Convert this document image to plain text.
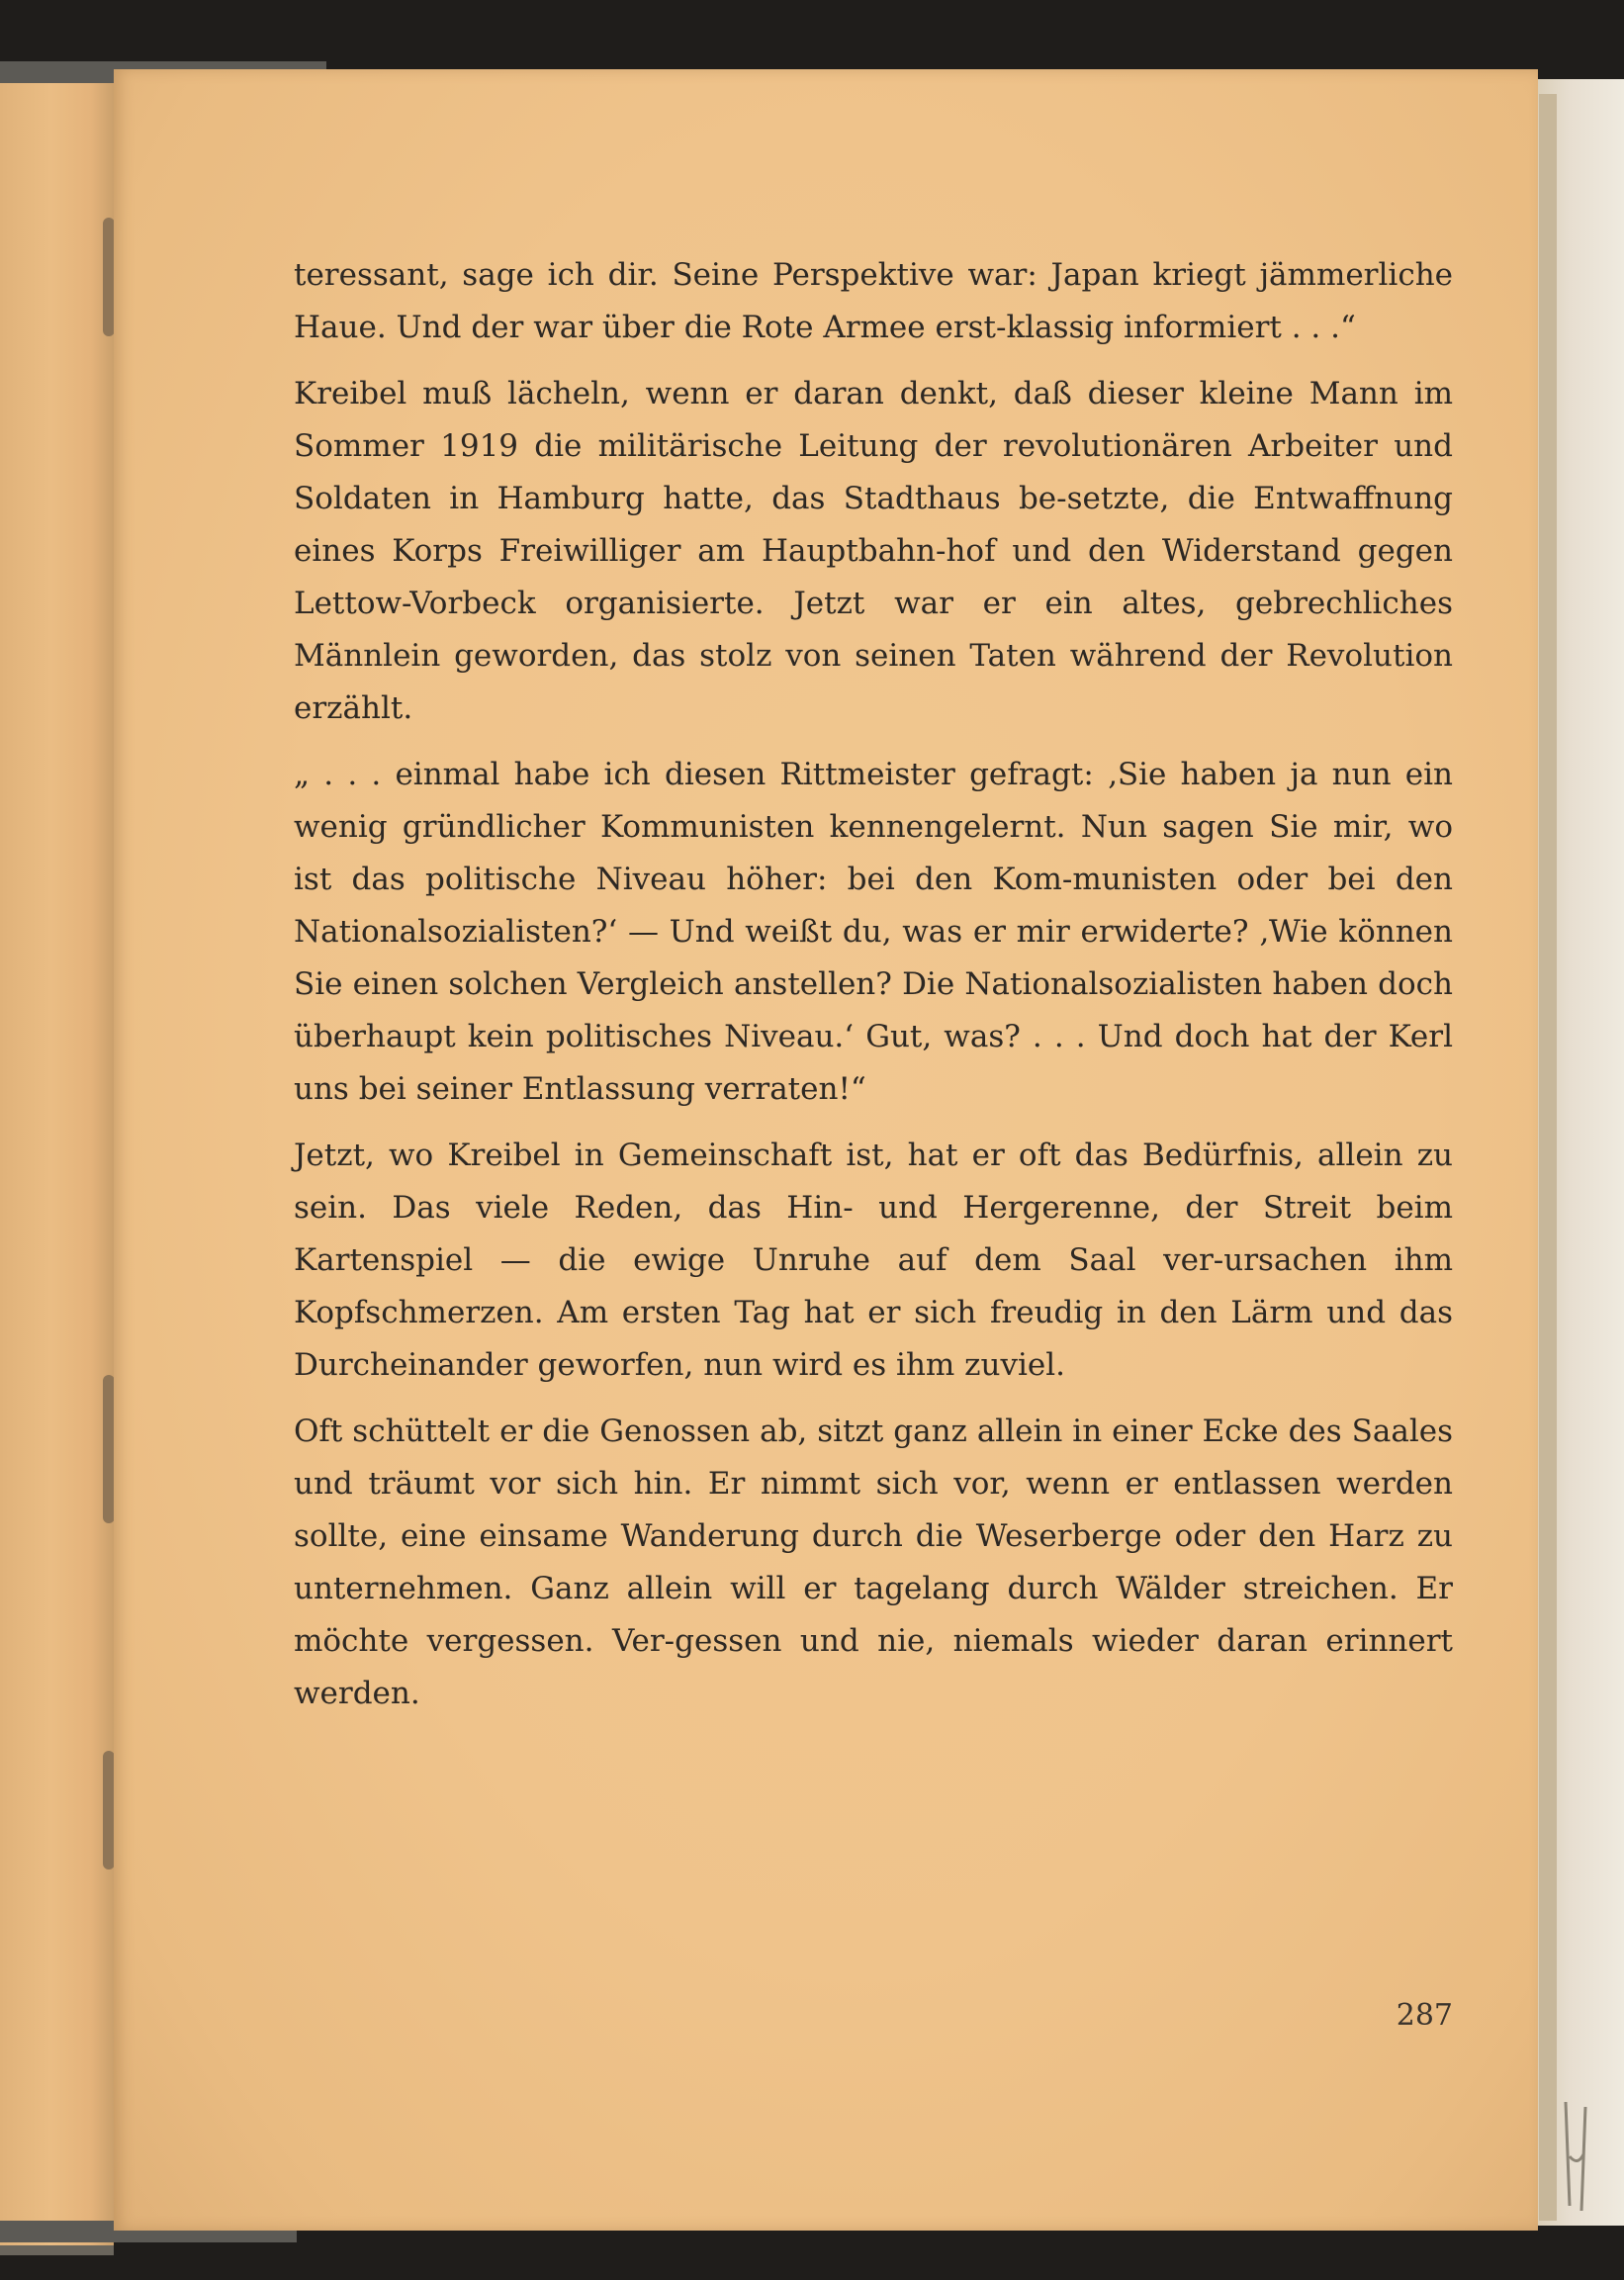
teressant, sage ich dir. Seine Perspektive war: Japan kriegt jämmerliche Haue. Und der war über die Rote Armee erst-klassig informiert . . .“

Kreibel muß lächeln, wenn er daran denkt, daß dieser kleine Mann im Sommer 1919 die militärische Leitung der revolutionären Arbeiter und Soldaten in Hamburg hatte, das Stadthaus be-setzte, die Entwaffnung eines Korps Freiwilliger am Hauptbahn-hof und den Widerstand gegen Lettow-Vorbeck organisierte. Jetzt war er ein altes, gebrechliches Männlein geworden, das stolz von seinen Taten während der Revolution erzählt.

„ . . . einmal habe ich diesen Rittmeister gefragt: ‚Sie haben ja nun ein wenig gründlicher Kommunisten kennengelernt. Nun sagen Sie mir, wo ist das politische Niveau höher: bei den Kom-munisten oder bei den Nationalsozialisten?‘ — Und weißt du, was er mir erwiderte? ‚Wie können Sie einen solchen Vergleich anstellen? Die Nationalsozialisten haben doch überhaupt kein politisches Niveau.‘ Gut, was? . . . Und doch hat der Kerl uns bei seiner Entlassung verraten!“

Jetzt, wo Kreibel in Gemeinschaft ist, hat er oft das Bedürfnis, allein zu sein. Das viele Reden, das Hin- und Hergerenne, der Streit beim Kartenspiel — die ewige Unruhe auf dem Saal ver-ursachen ihm Kopfschmerzen. Am ersten Tag hat er sich freudig in den Lärm und das Durcheinander geworfen, nun wird es ihm zuviel.

Oft schüttelt er die Genossen ab, sitzt ganz allein in einer Ecke des Saales und träumt vor sich hin. Er nimmt sich vor, wenn er entlassen werden sollte, eine einsame Wanderung durch die Weserberge oder den Harz zu unternehmen. Ganz allein will er tagelang durch Wälder streichen. Er möchte vergessen. Ver-gessen und nie, niemals wieder daran erinnert werden.

287
